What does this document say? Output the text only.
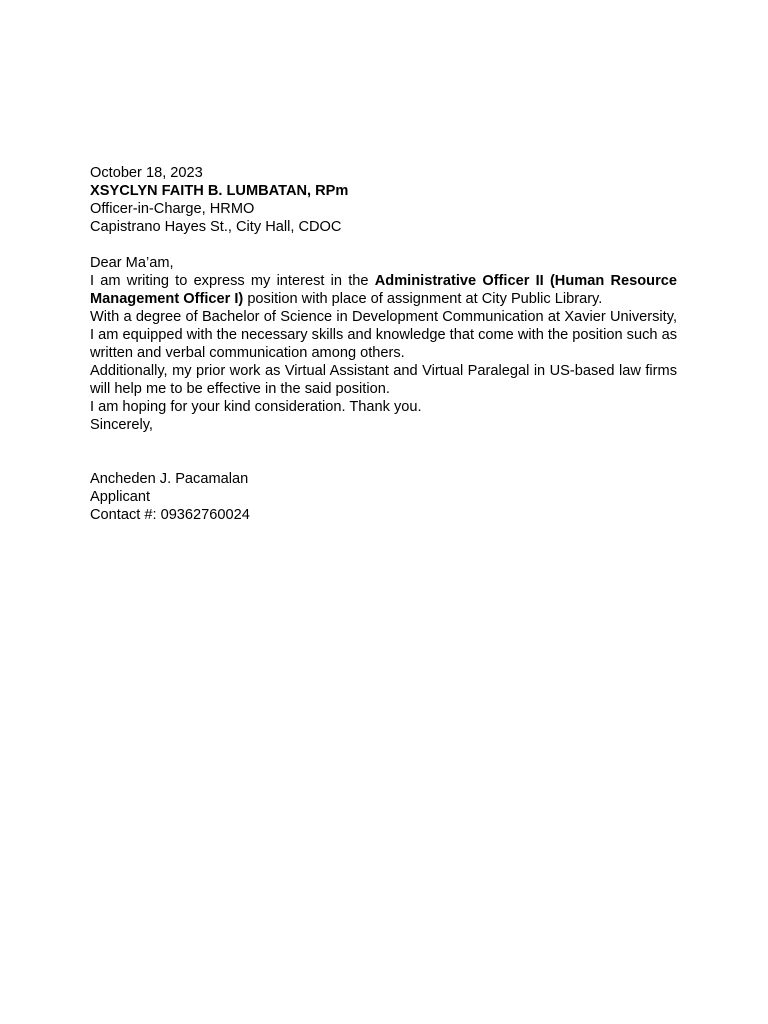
October 18, 2023

XSYCLYN FAITH B. LUMBATAN, RPm

Officer-in-Charge, HRMO

Capistrano Hayes St., City Hall, CDOC

Dear Ma’am,

I am writing to express my interest in the Administrative Officer II (Human Resource Management Officer I) position with place of assignment at City Public Library.

With a degree of Bachelor of Science in Development Communication at Xavier University, I am equipped with the necessary skills and knowledge that come with the position such as written and verbal communication among others.

Additionally, my prior work as Virtual Assistant and Virtual Paralegal in US-based law firms will help me to be effective in the said position.

I am hoping for your kind consideration. Thank you.

Sincerely,

Ancheden J. Pacamalan

Applicant

Contact #: 09362760024
